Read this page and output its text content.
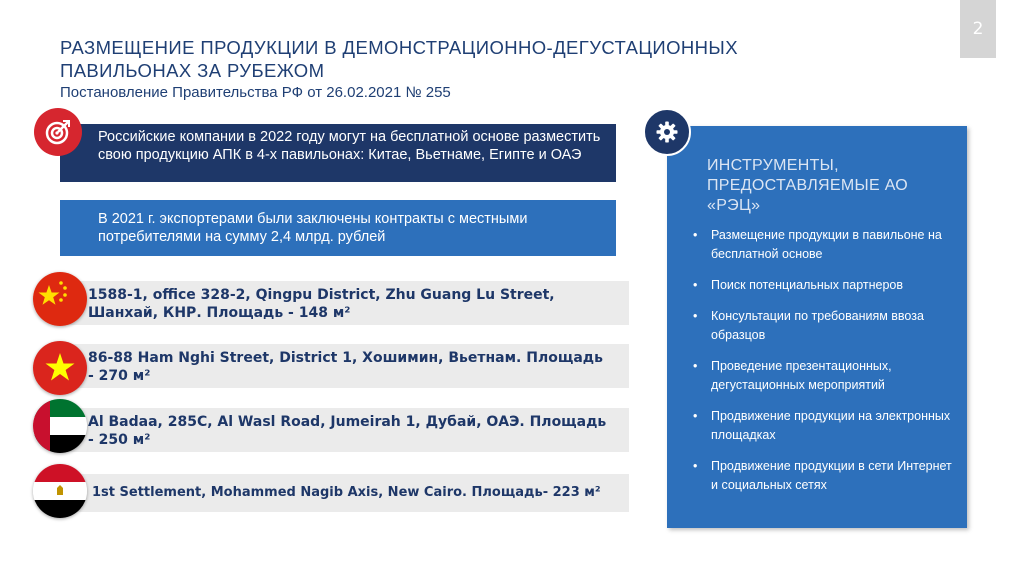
2
РАЗМЕЩЕНИЕ ПРОДУКЦИИ В ДЕМОНСТРАЦИОННО-ДЕГУСТАЦИОННЫХ ПАВИЛЬОНАХ ЗА РУБЕЖОМ
Постановление Правительства РФ от 26.02.2021 № 255
Российские компании в 2022 году могут на бесплатной основе разместить свою продукцию АПК в 4-х павильонах: Китае, Вьетнаме, Египте и ОАЭ
В 2021 г. экспортерами были заключены контракты с местными потребителями на сумму 2,4 млрд. рублей
1588-1, office 328-2, Qingpu District, Zhu Guang Lu Street, Шанхай, КНР. Площадь - 148 м²
86-88 Ham Nghi Street, District 1, Хошимин, Вьетнам. Площадь - 270 м²
Al Badaa, 285C, Al Wasl Road, Jumeirah 1, Дубай, ОАЭ. Площадь - 250 м²
1st Settlement, Mohammed Nagib Axis, New Cairo. Площадь- 223 м²
ИНСТРУМЕНТЫ, ПРЕДОСТАВЛЯЕМЫЕ АО «РЭЦ»
• Размещение продукции в павильоне на бесплатной основе
• Поиск потенциальных партнеров
• Консультации по требованиям ввоза образцов
• Проведение презентационных, дегустационных мероприятий
• Продвижение продукции на электронных площадках
• Продвижение продукции в сети Интернет и социальных сетях
